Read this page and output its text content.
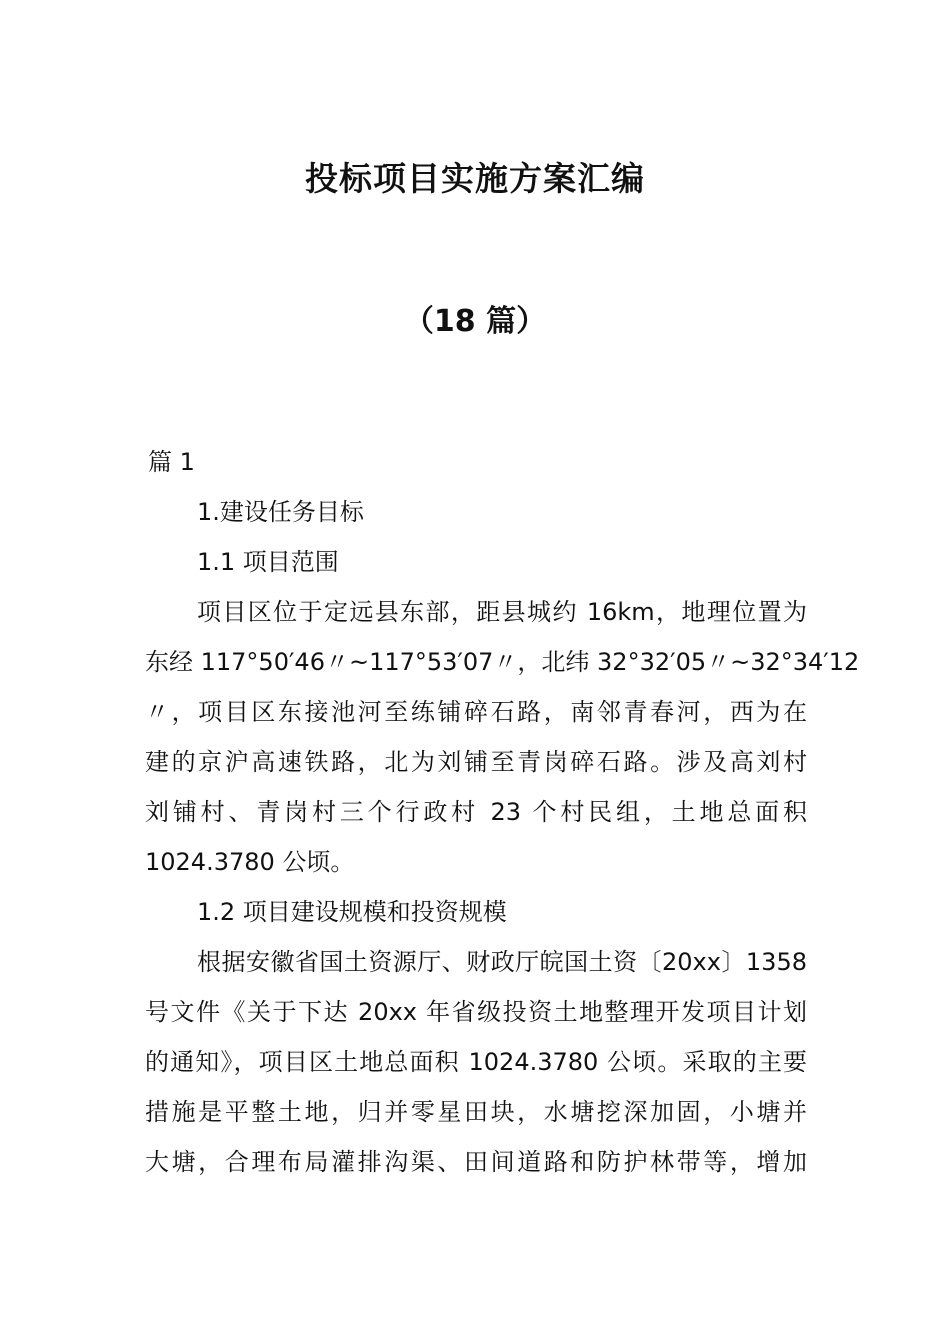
投标项目实施方案汇编
（18 篇）
篇 1
1.建设任务目标
1.1 项目范围
项目区位于定远县东部，距县城约 16km，地理位置为
东经 117°50′46〃~117°53′07〃，北纬 32°32′05〃~32°34′12
〃，项目区东接池河至练铺碎石路，南邻青春河，西为在
建的京沪高速铁路，北为刘铺至青岗碎石路。涉及高刘村
刘铺村、青岗村三个行政村 23 个村民组，土地总面积
1024.3780 公顷。
1.2 项目建设规模和投资规模
根据安徽省国土资源厅、财政厅皖国土资〔20xx〕1358
号文件《关于下达 20xx 年省级投资土地整理开发项目计划
的通知》，项目区土地总面积 1024.3780 公顷。采取的主要
措施是平整土地，归并零星田块，水塘挖深加固，小塘并
大塘，合理布局灌排沟渠、田间道路和防护林带等，增加
